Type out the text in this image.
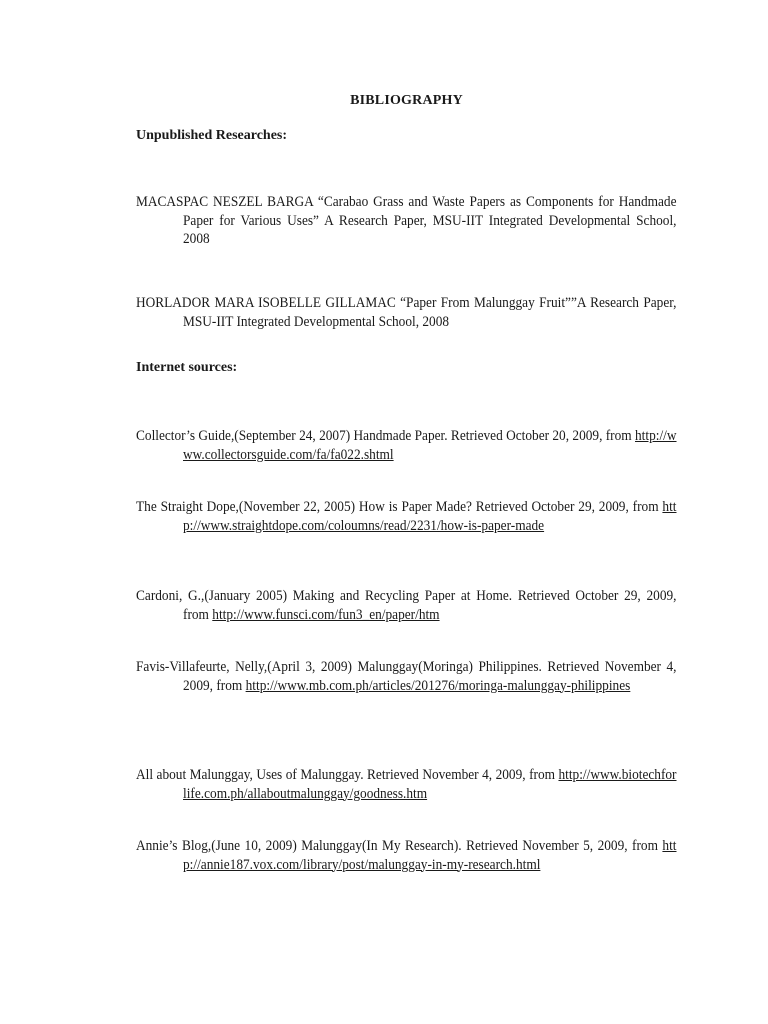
BIBLIOGRAPHY
Unpublished Researches:
MACASPAC NESZEL BARGA “Carabao Grass and Waste Papers as Components for Handmade Paper for Various Uses” A Research Paper, MSU-IIT Integrated Developmental School, 2008
HORLADOR MARA ISOBELLE GILLAMAC “Paper From Malunggay Fruit””A Research Paper, MSU-IIT Integrated Developmental School, 2008
Internet sources:
Collector’s Guide,(September 24, 2007) Handmade Paper. Retrieved October 20, 2009, from http://www.collectorsguide.com/fa/fa022.shtml
The Straight Dope,(November 22, 2005) How is Paper Made? Retrieved October 29, 2009, from http://www.straightdope.com/coloumns/read/2231/how-is-paper-made
Cardoni, G.,(January 2005) Making and Recycling Paper at Home. Retrieved October 29, 2009, from http://www.funsci.com/fun3_en/paper/htm
Favis-Villafeurte, Nelly,(April 3, 2009) Malunggay(Moringa) Philippines. Retrieved November 4, 2009, from http://www.mb.com.ph/articles/201276/moringa-malunggay-philippines
All about Malunggay, Uses of Malunggay. Retrieved November 4, 2009, from http://www.biotechforlife.com.ph/allaboutmalunggay/goodness.htm
Annie’s Blog,(June 10, 2009) Malunggay(In My Research). Retrieved November 5, 2009, from http://annie187.vox.com/library/post/malunggay-in-my-research.html
